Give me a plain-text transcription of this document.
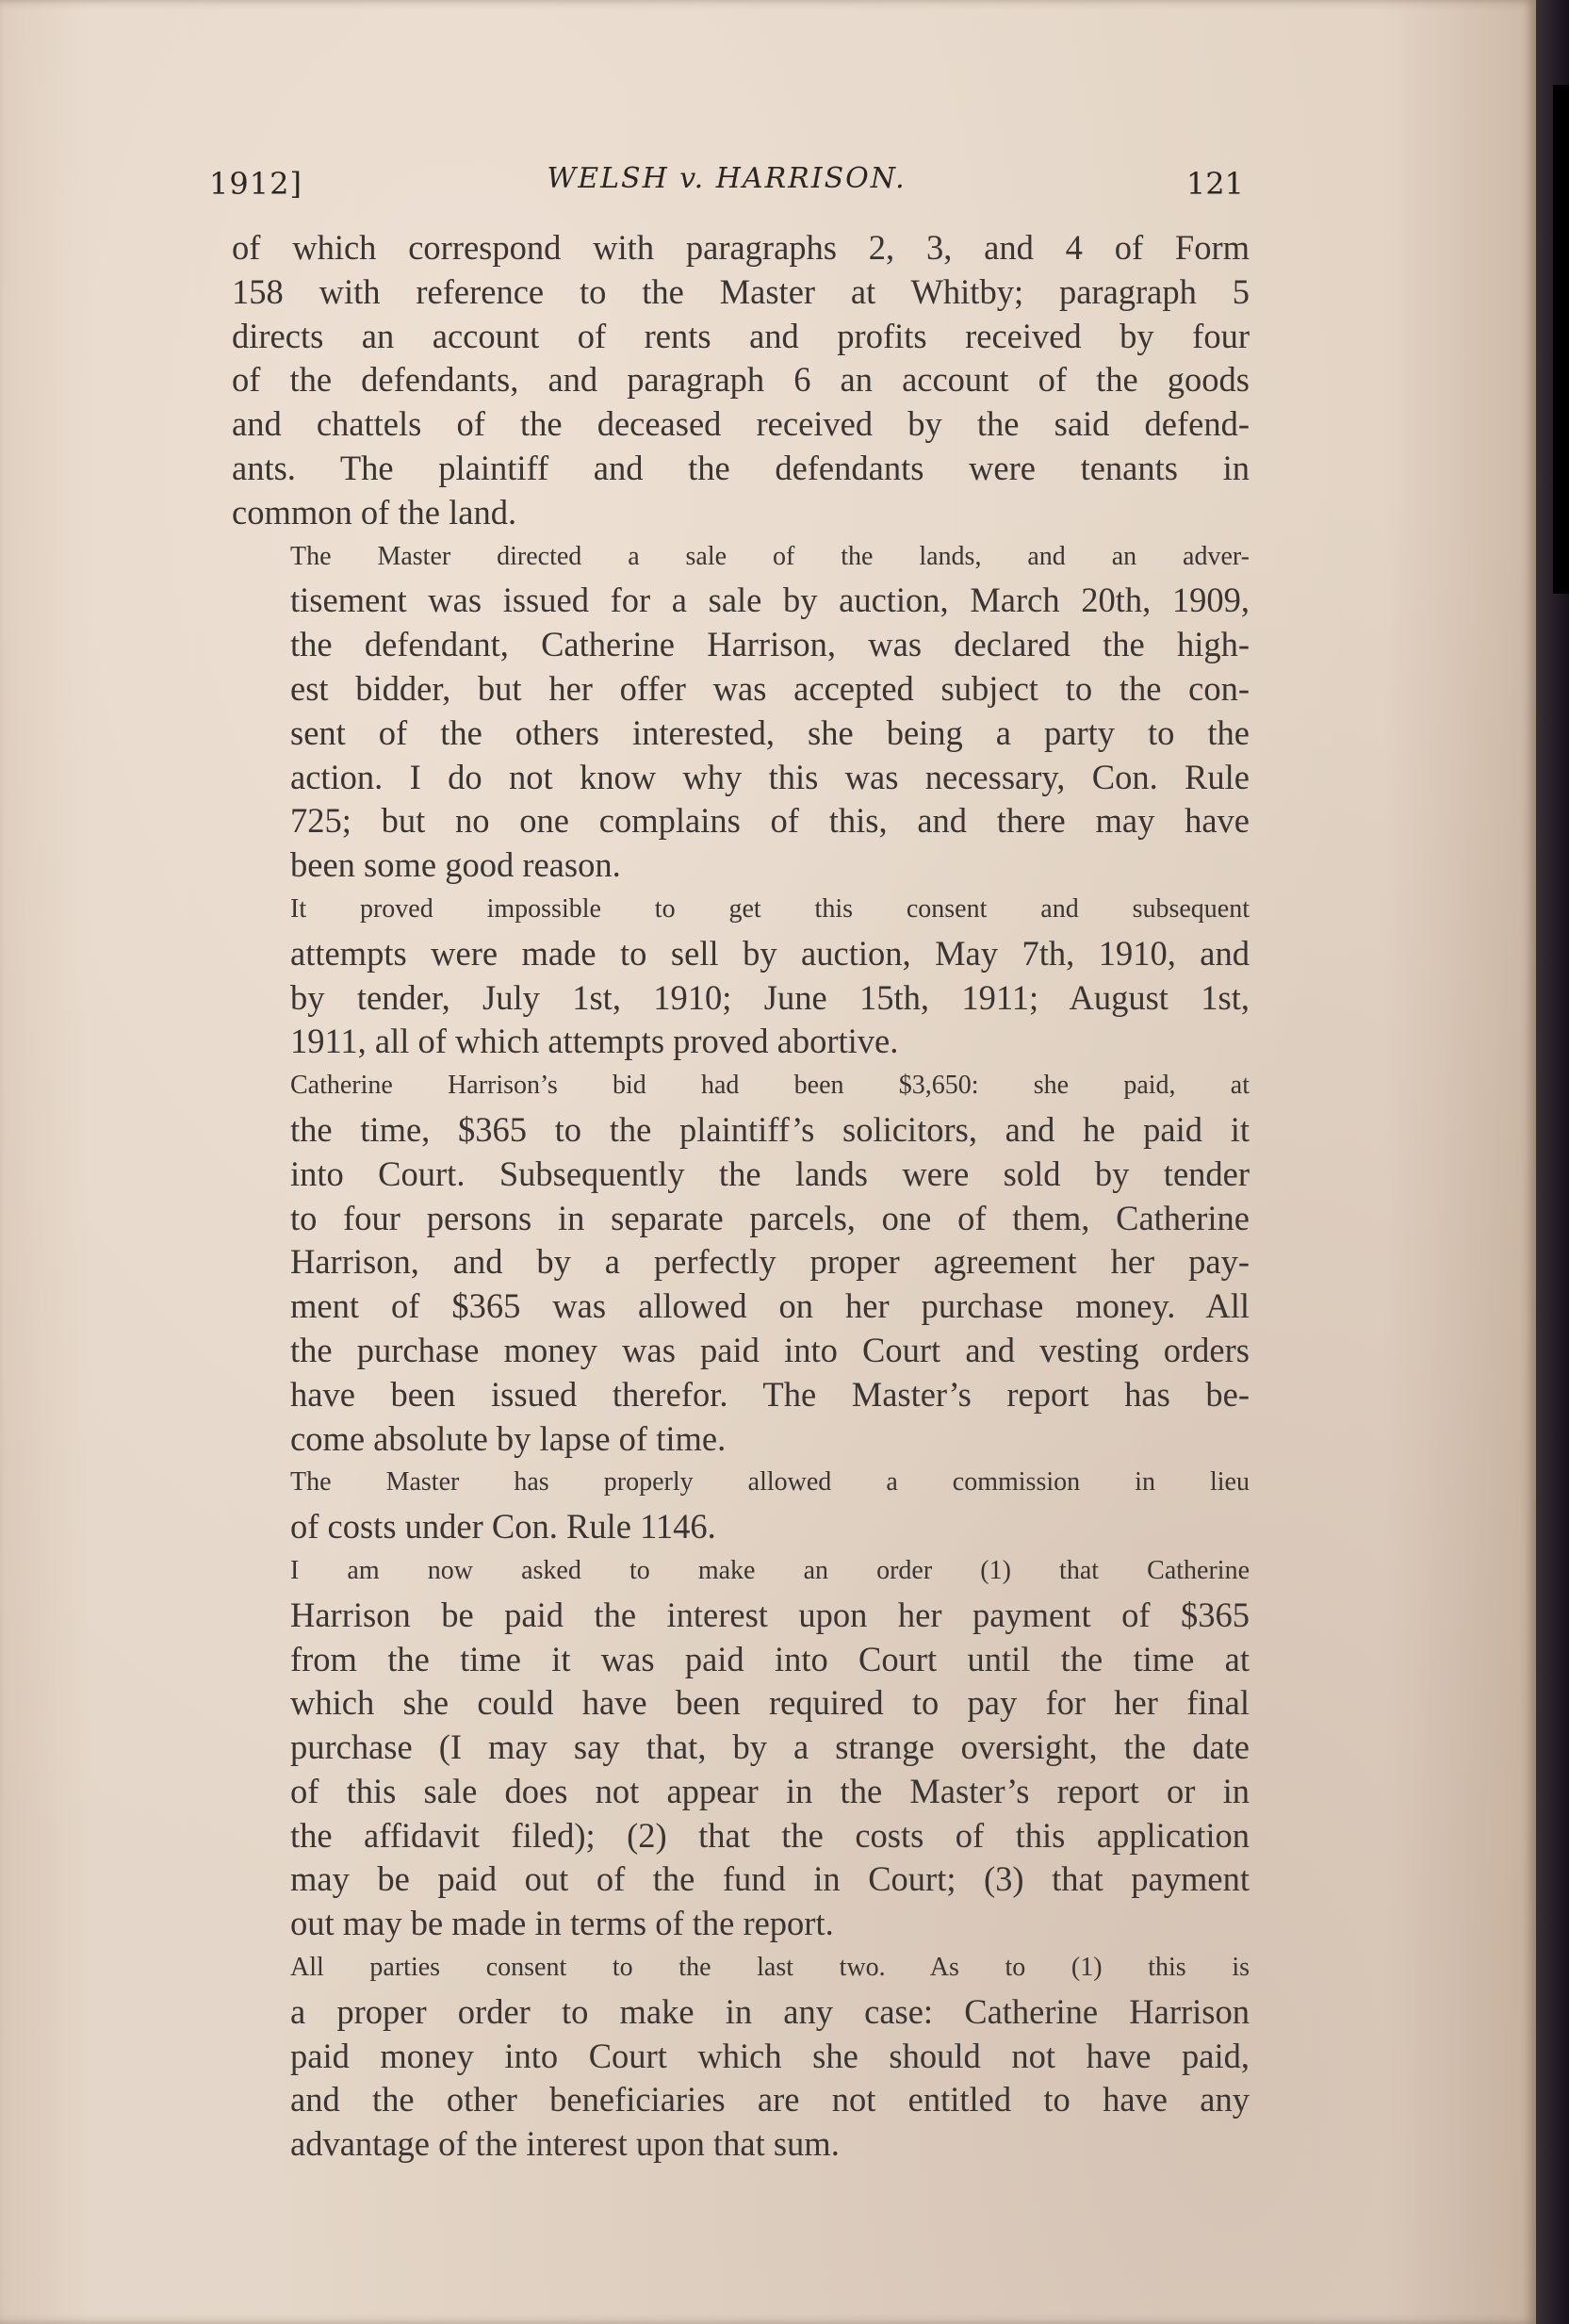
1912]	WELSH v. HARRISON.	121

of which correspond with paragraphs 2, 3, and 4 of Form
158 with reference to the Master at Whitby; paragraph 5
directs an account of rents and profits received by four
of the defendants, and paragraph 6 an account of the goods
and chattels of the deceased received by the said defend-
ants. The plaintiff and the defendants were tenants in
common of the land.

The Master directed a sale of the lands, and an adver-
tisement was issued for a sale by auction, March 20th, 1909,
the defendant, Catherine Harrison, was declared the high-
est bidder, but her offer was accepted subject to the con-
sent of the others interested, she being a party to the
action. I do not know why this was necessary, Con. Rule
725; but no one complains of this, and there may have
been some good reason.

It proved impossible to get this consent and subsequent
attempts were made to sell by auction, May 7th, 1910, and
by tender, July 1st, 1910; June 15th, 1911; August 1st,
1911, all of which attempts proved abortive.

Catherine Harrison’s bid had been $3,650: she paid, at
the time, $365 to the plaintiff’s solicitors, and he paid it
into Court. Subsequently the lands were sold by tender
to four persons in separate parcels, one of them, Catherine
Harrison, and by a perfectly proper agreement her pay-
ment of $365 was allowed on her purchase money. All
the purchase money was paid into Court and vesting orders
have been issued therefor. The Master’s report has be-
come absolute by lapse of time.

The Master has properly allowed a commission in lieu
of costs under Con. Rule 1146.

I am now asked to make an order (1) that Catherine
Harrison be paid the interest upon her payment of $365
from the time it was paid into Court until the time at
which she could have been required to pay for her final
purchase (I may say that, by a strange oversight, the date
of this sale does not appear in the Master’s report or in
the affidavit filed); (2) that the costs of this application
may be paid out of the fund in Court; (3) that payment
out may be made in terms of the report.

All parties consent to the last two. As to (1) this is
a proper order to make in any case: Catherine Harrison
paid money into Court which she should not have paid,
and the other beneficiaries are not entitled to have any
advantage of the interest upon that sum.
